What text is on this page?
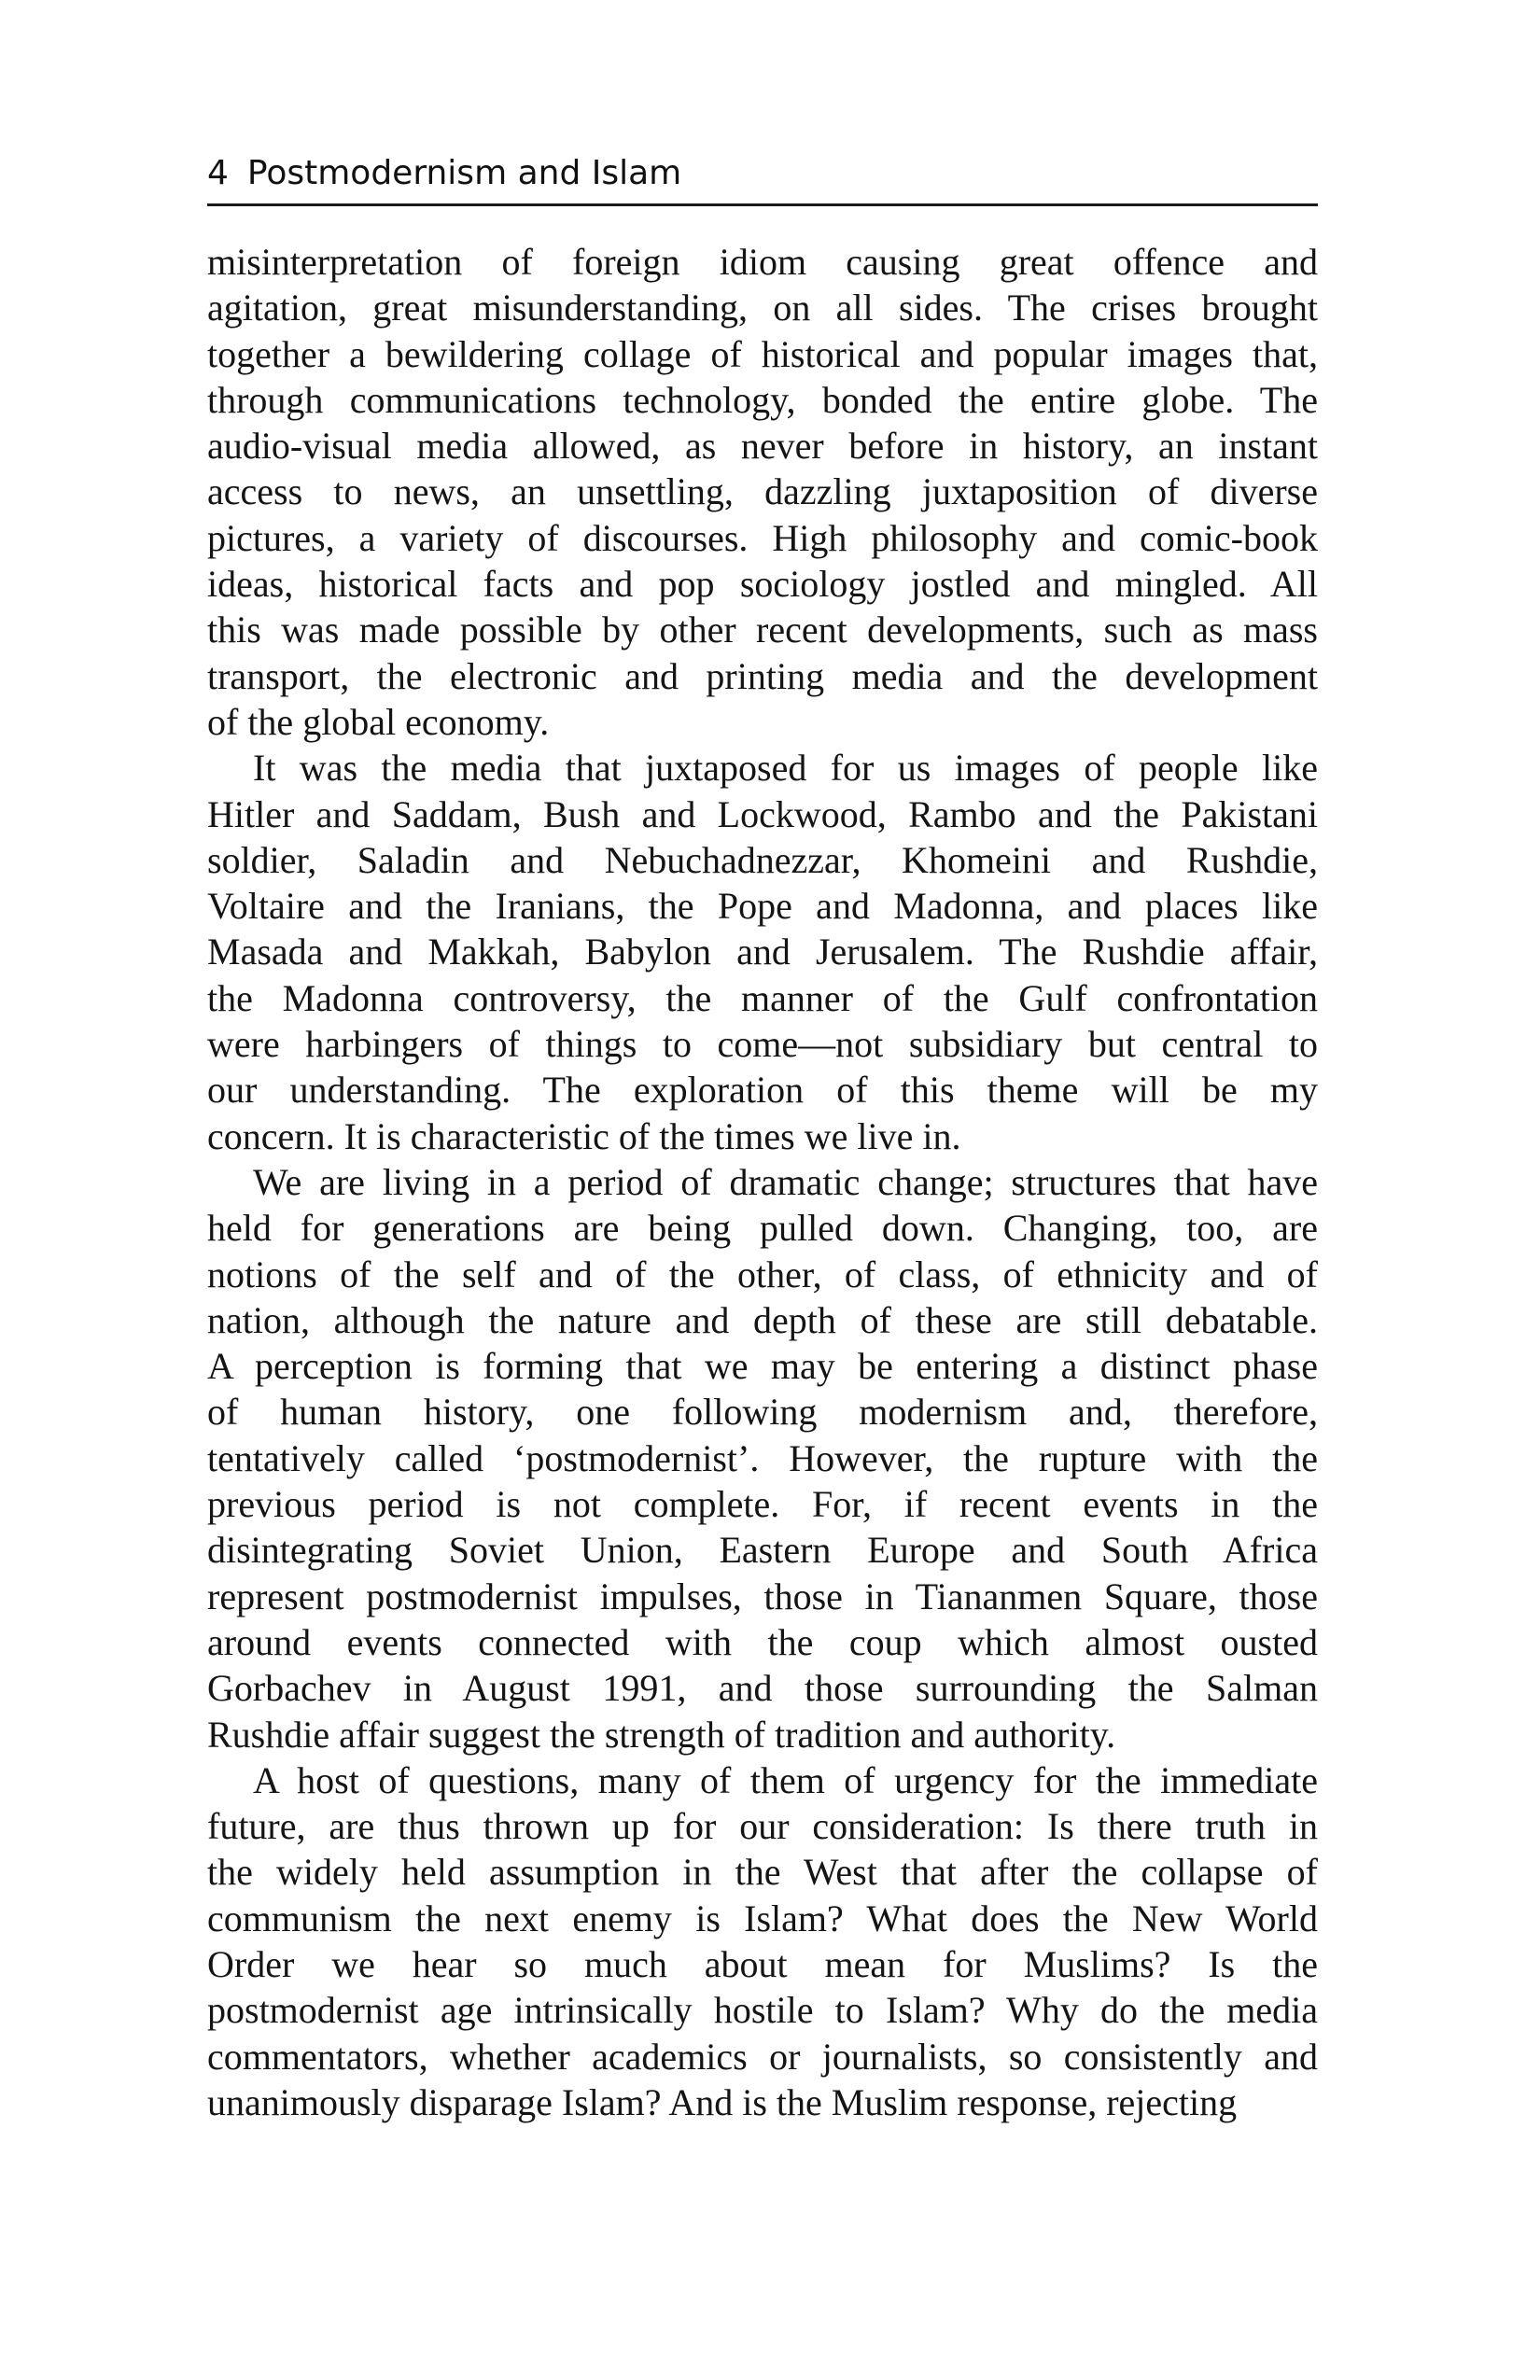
4 Postmodernism and Islam
misinterpretation of foreign idiom causing great offence and
agitation, great misunderstanding, on all sides. The crises brought
together a bewildering collage of historical and popular images that,
through communications technology, bonded the entire globe. The
audio-visual media allowed, as never before in history, an instant
access to news, an unsettling, dazzling juxtaposition of diverse
pictures, a variety of discourses. High philosophy and comic-book
ideas, historical facts and pop sociology jostled and mingled. All
this was made possible by other recent developments, such as mass
transport, the electronic and printing media and the development
of the global economy.
It was the media that juxtaposed for us images of people like
Hitler and Saddam, Bush and Lockwood, Rambo and the Pakistani
soldier, Saladin and Nebuchadnezzar, Khomeini and Rushdie,
Voltaire and the Iranians, the Pope and Madonna, and places like
Masada and Makkah, Babylon and Jerusalem. The Rushdie affair,
the Madonna controversy, the manner of the Gulf confrontation
were harbingers of things to come—not subsidiary but central to
our understanding. The exploration of this theme will be my
concern. It is characteristic of the times we live in.
We are living in a period of dramatic change; structures that have
held for generations are being pulled down. Changing, too, are
notions of the self and of the other, of class, of ethnicity and of
nation, although the nature and depth of these are still debatable.
A perception is forming that we may be entering a distinct phase
of human history, one following modernism and, therefore,
tentatively called ‘postmodernist’. However, the rupture with the
previous period is not complete. For, if recent events in the
disintegrating Soviet Union, Eastern Europe and South Africa
represent postmodernist impulses, those in Tiananmen Square, those
around events connected with the coup which almost ousted
Gorbachev in August 1991, and those surrounding the Salman
Rushdie affair suggest the strength of tradition and authority.
A host of questions, many of them of urgency for the immediate
future, are thus thrown up for our consideration: Is there truth in
the widely held assumption in the West that after the collapse of
communism the next enemy is Islam? What does the New World
Order we hear so much about mean for Muslims? Is the
postmodernist age intrinsically hostile to Islam? Why do the media
commentators, whether academics or journalists, so consistently and
unanimously disparage Islam? And is the Muslim response, rejecting
